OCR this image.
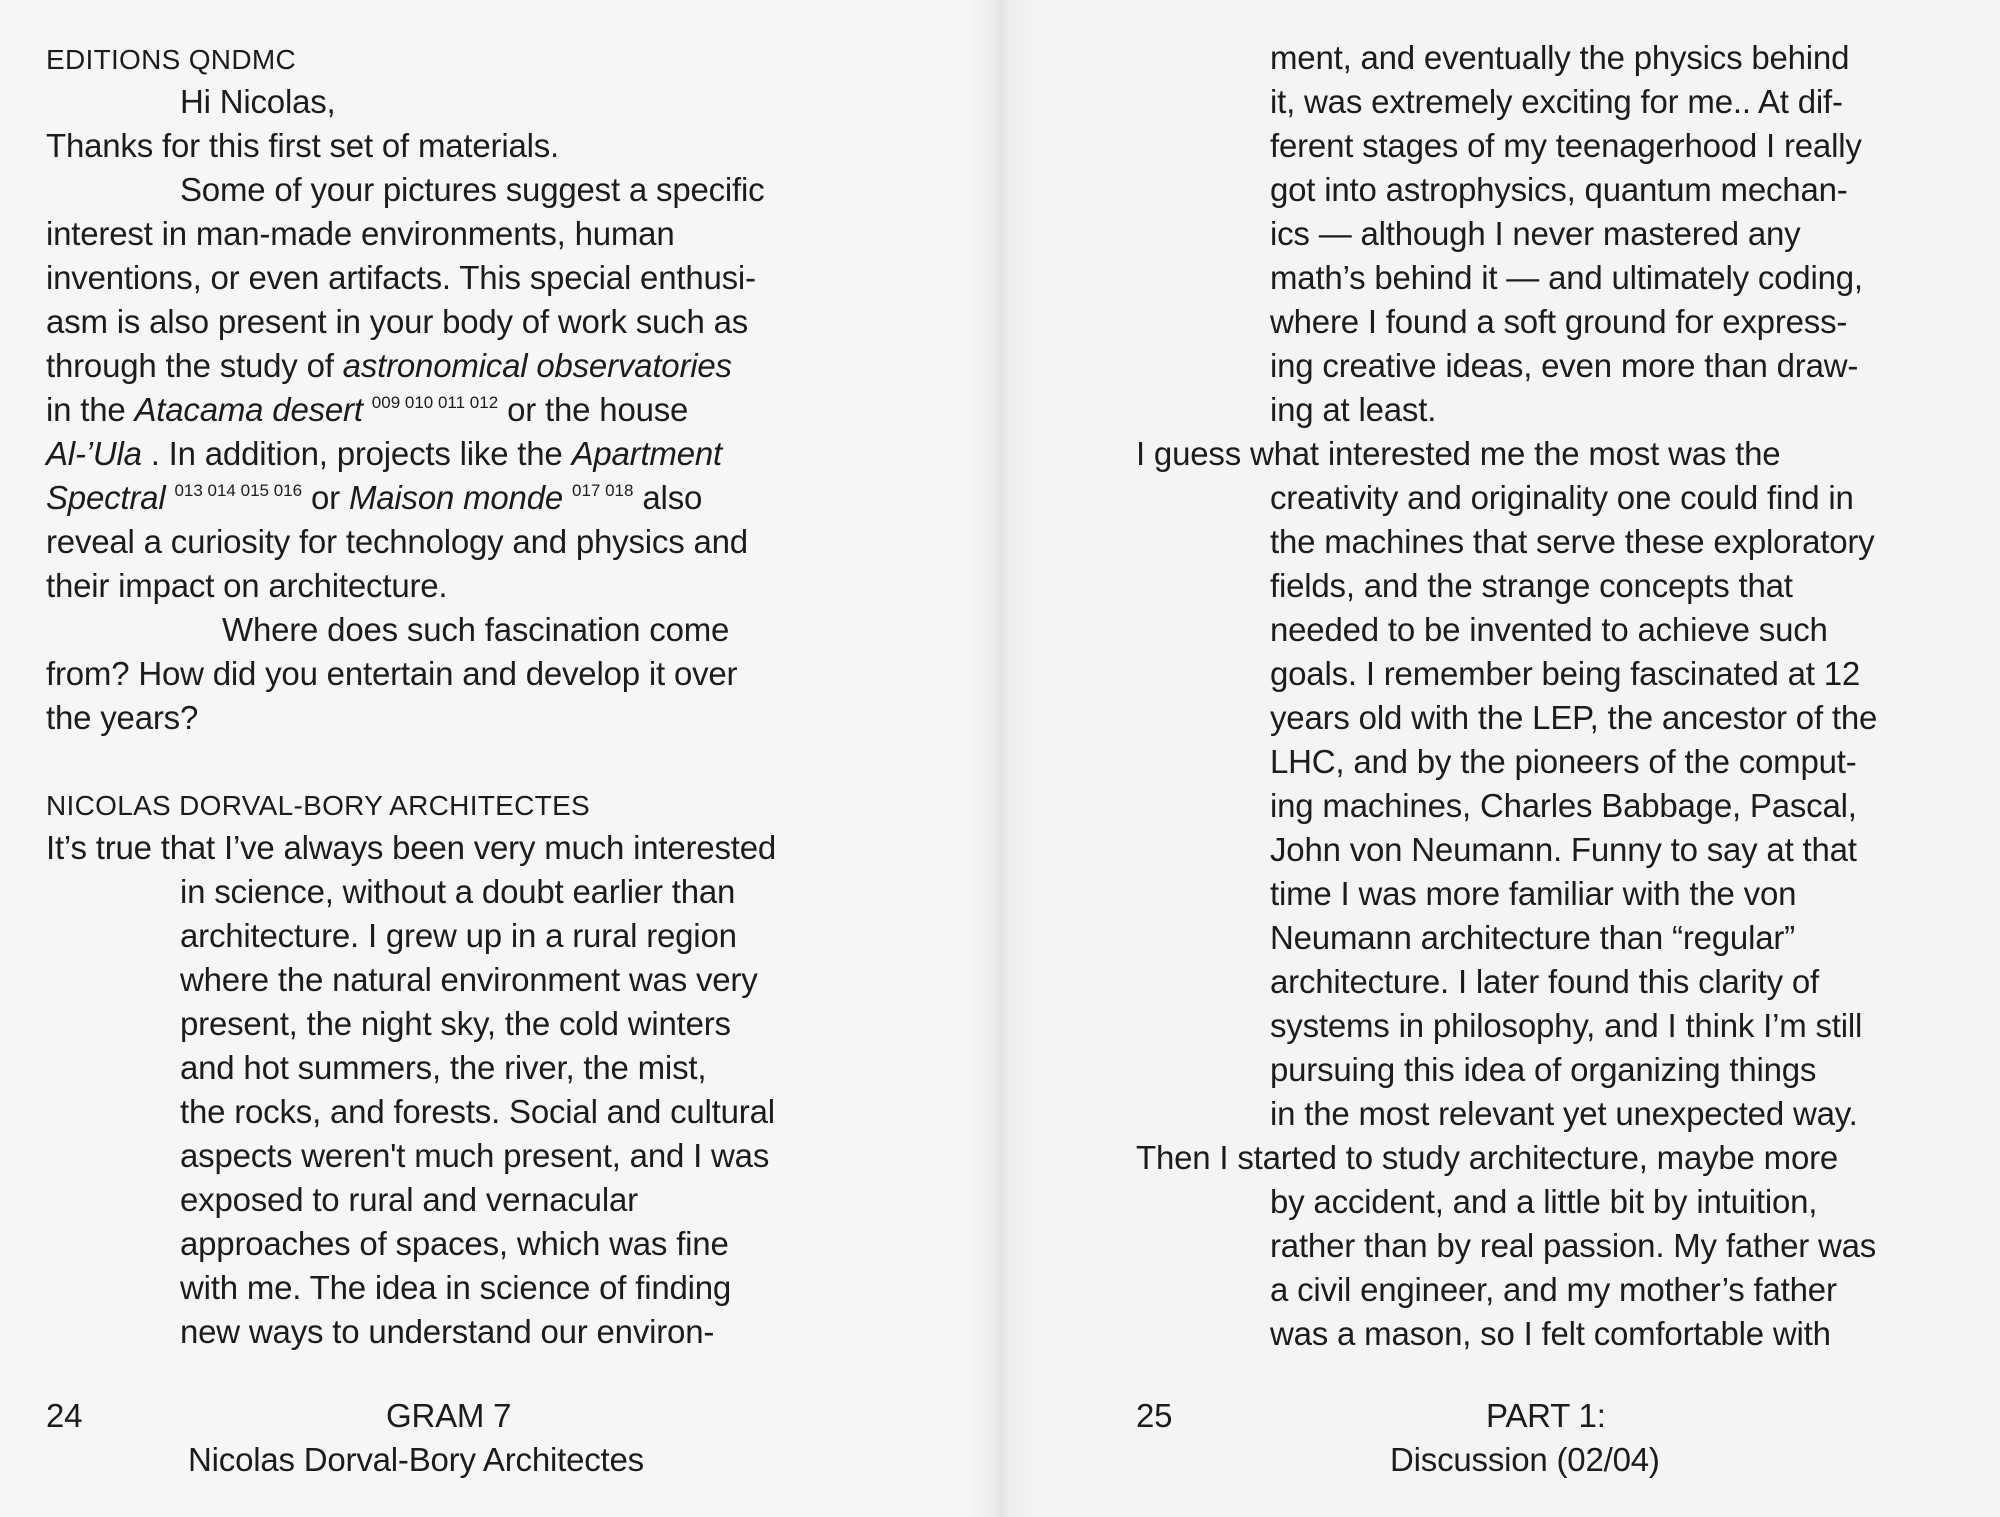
EDITIONS QNDMC
Hi Nicolas,
Thanks for this first set of materials.
Some of your pictures suggest a specific
interest in man-made environments, human
inventions, or even artifacts. This special enthusi-
asm is also present in your body of work such as
through the study of astronomical observatories
in the Atacama desert $^{009 010 011 012}$ or the house
Al-’Ula . In addition, projects like the Apartment
Spectral $^{013 014 015 016}$ or Maison monde $^{017 018}$ also
reveal a curiosity for technology and physics and
their impact on architecture.
Where does such fascination come
from? How did you entertain and develop it over
the years?
NICOLAS DORVAL-BORY ARCHITECTES
It’s true that I’ve always been very much interested
in science, without a doubt earlier than
architecture. I grew up in a rural region
where the natural environment was very
present, the night sky, the cold winters
and hot summers, the river, the mist,
the rocks, and forests. Social and cultural
aspects weren't much present, and I was
exposed to rural and vernacular
approaches of spaces, which was fine
with me. The idea in science of finding
new ways to understand our environ-
24	GRAM 7
Nicolas Dorval-Bory Architectes
ment, and eventually the physics behind
it, was extremely exciting for me.. At dif-
ferent stages of my teenagerhood I really
got into astrophysics, quantum mechan-
ics — although I never mastered any
math’s behind it — and ultimately coding,
where I found a soft ground for express-
ing creative ideas, even more than draw-
ing at least.
I guess what interested me the most was the
creativity and originality one could find in
the machines that serve these exploratory
fields, and the strange concepts that
needed to be invented to achieve such
goals. I remember being fascinated at 12
years old with the LEP, the ancestor of the
LHC, and by the pioneers of the comput-
ing machines, Charles Babbage, Pascal,
John von Neumann. Funny to say at that
time I was more familiar with the von
Neumann architecture than “regular”
architecture. I later found this clarity of
systems in philosophy, and I think I’m still
pursuing this idea of organizing things
in the most relevant yet unexpected way.
Then I started to study architecture, maybe more
by accident, and a little bit by intuition,
rather than by real passion. My father was
a civil engineer, and my mother’s father
was a mason, so I felt comfortable with
25	PART 1:
Discussion (02/04)
